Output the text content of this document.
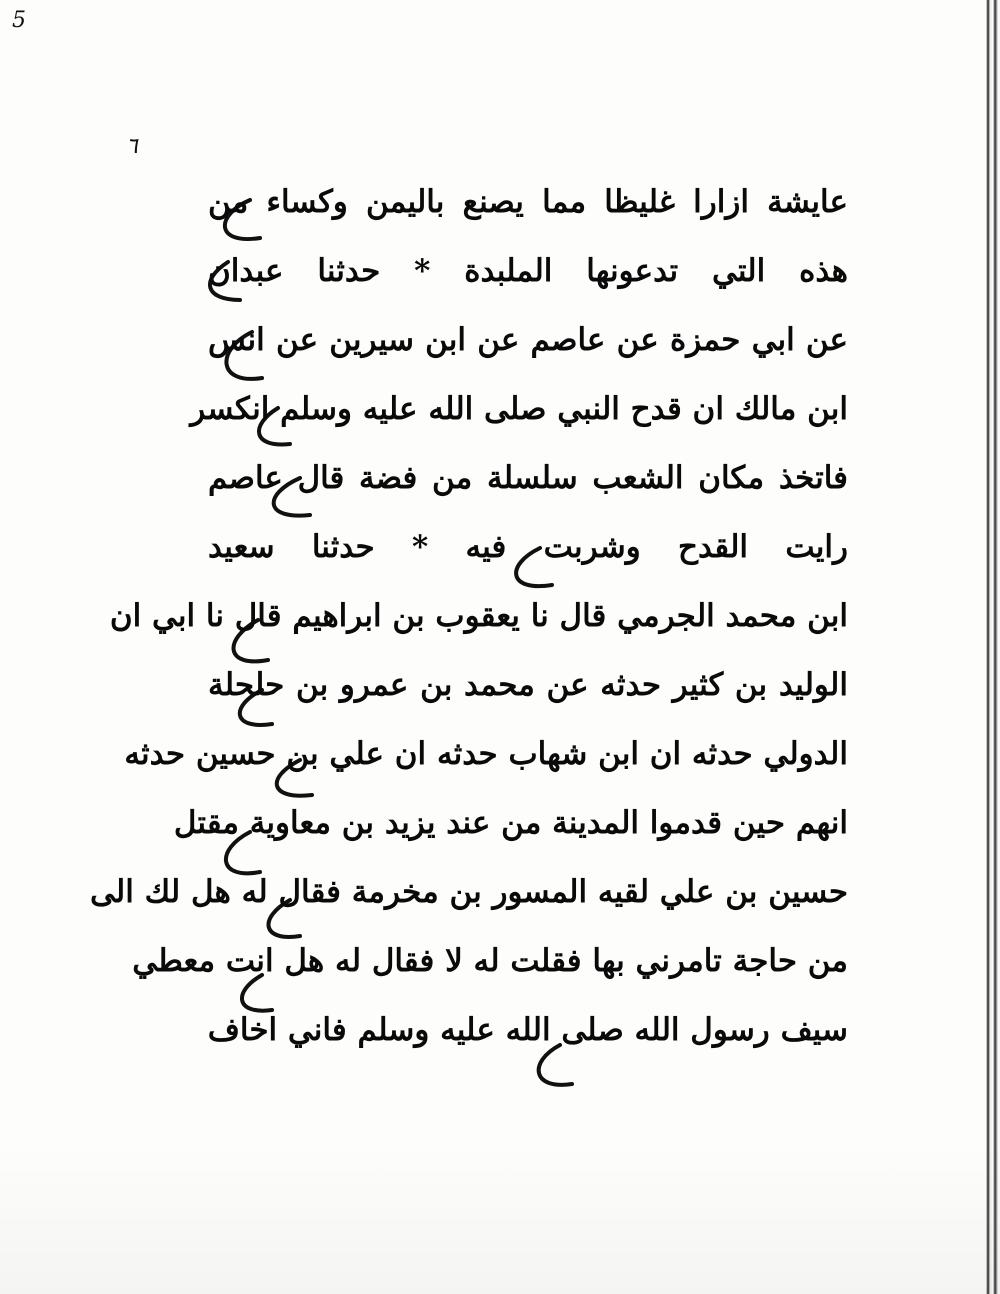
5
٦
عايشة ازارا غليظا مما يصنع باليمن وكساء من
هذه التي تدعونها الملبدة * حدثنا عبدان
عن ابي حمزة عن عاصم عن ابن سيرين عن انس
ابن مالك ان قدح النبي صلى الله عليه وسلم انكسر
فاتخذ مكان الشعب سلسلة من فضة قال عاصم
رايت القدح وشربت فيه * حدثنا سعيد
ابن محمد الجرمي قال نا يعقوب بن ابراهيم قال نا ابي ان
الوليد بن كثير حدثه عن محمد بن عمرو بن حلحلة
الدولي حدثه ان ابن شهاب حدثه ان علي بن حسين حدثه
انهم حين قدموا المدينة من عند يزيد بن معاوية مقتل
حسين بن علي لقيه المسور بن مخرمة فقال له هل لك الى
من حاجة تامرني بها فقلت له لا فقال له هل انت معطي
سيف رسول الله صلى الله عليه وسلم فاني اخاف
